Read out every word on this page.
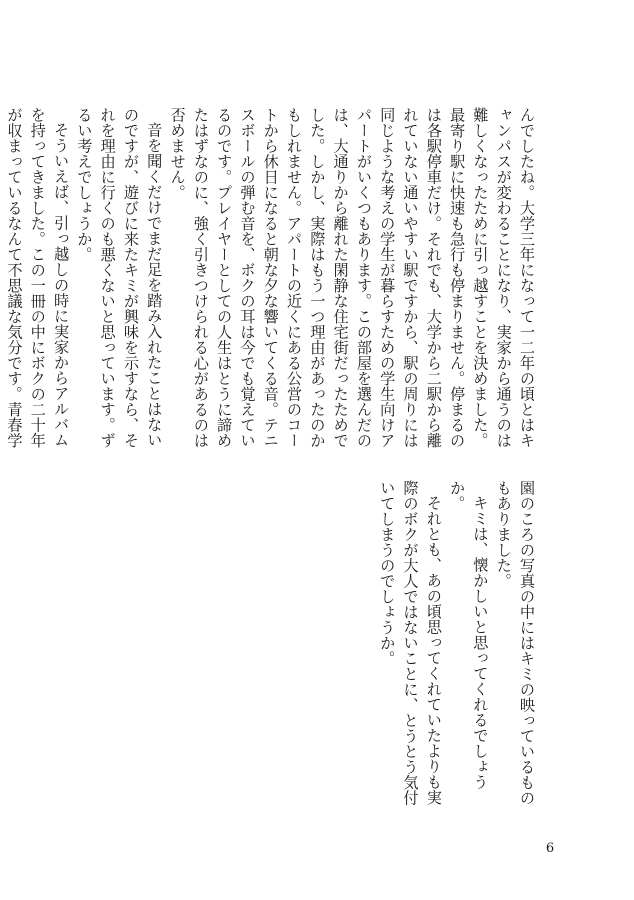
んでしたね。大学三年になって一二年の頃とはキャンパスが変わることになり、実家から通うのは難しくなったために引っ越すことを決めました。最寄り駅に快速も急行も停まりません。停まるのは各駅停車だけ。それでも、大学から二駅から離れていない通いやすい駅ですから、駅の周りには同じような考えの学生が暮らすための学生向けアパートがいくつもあります。この部屋を選んだのは、大通りから離れた閑静な住宅街だったためでした。しかし、実際はもう一つ理由があったのかもしれません。アパートの近くにある公営のコートから休日になると朝な夕な響いてくる音。テニスボールの弾む音を、ボクの耳は今でも覚えているのです。プレイヤーとしての人生はとうに諦めたはずなのに、強く引きつけられる心があるのは否めません。

音を聞くだけでまだ足を踏み入れたことはないのですが、遊びに来たキミが興味を示すなら、それを理由に行くのも悪くないと思っています。ずるい考えでしょうか。

そういえば、引っ越しの時に実家からアルバムを持ってきました。この一冊の中にボクの二十年が収まっているなんて不思議な気分です。青春学

園のころの写真の中にはキミの映っているものもありました。

キミは、懐かしいと思ってくれるでしょうか。

それとも、あの頃思ってくれていたよりも実際のボクが大人ではないことに、とうとう気付いてしまうのでしょうか。

6
